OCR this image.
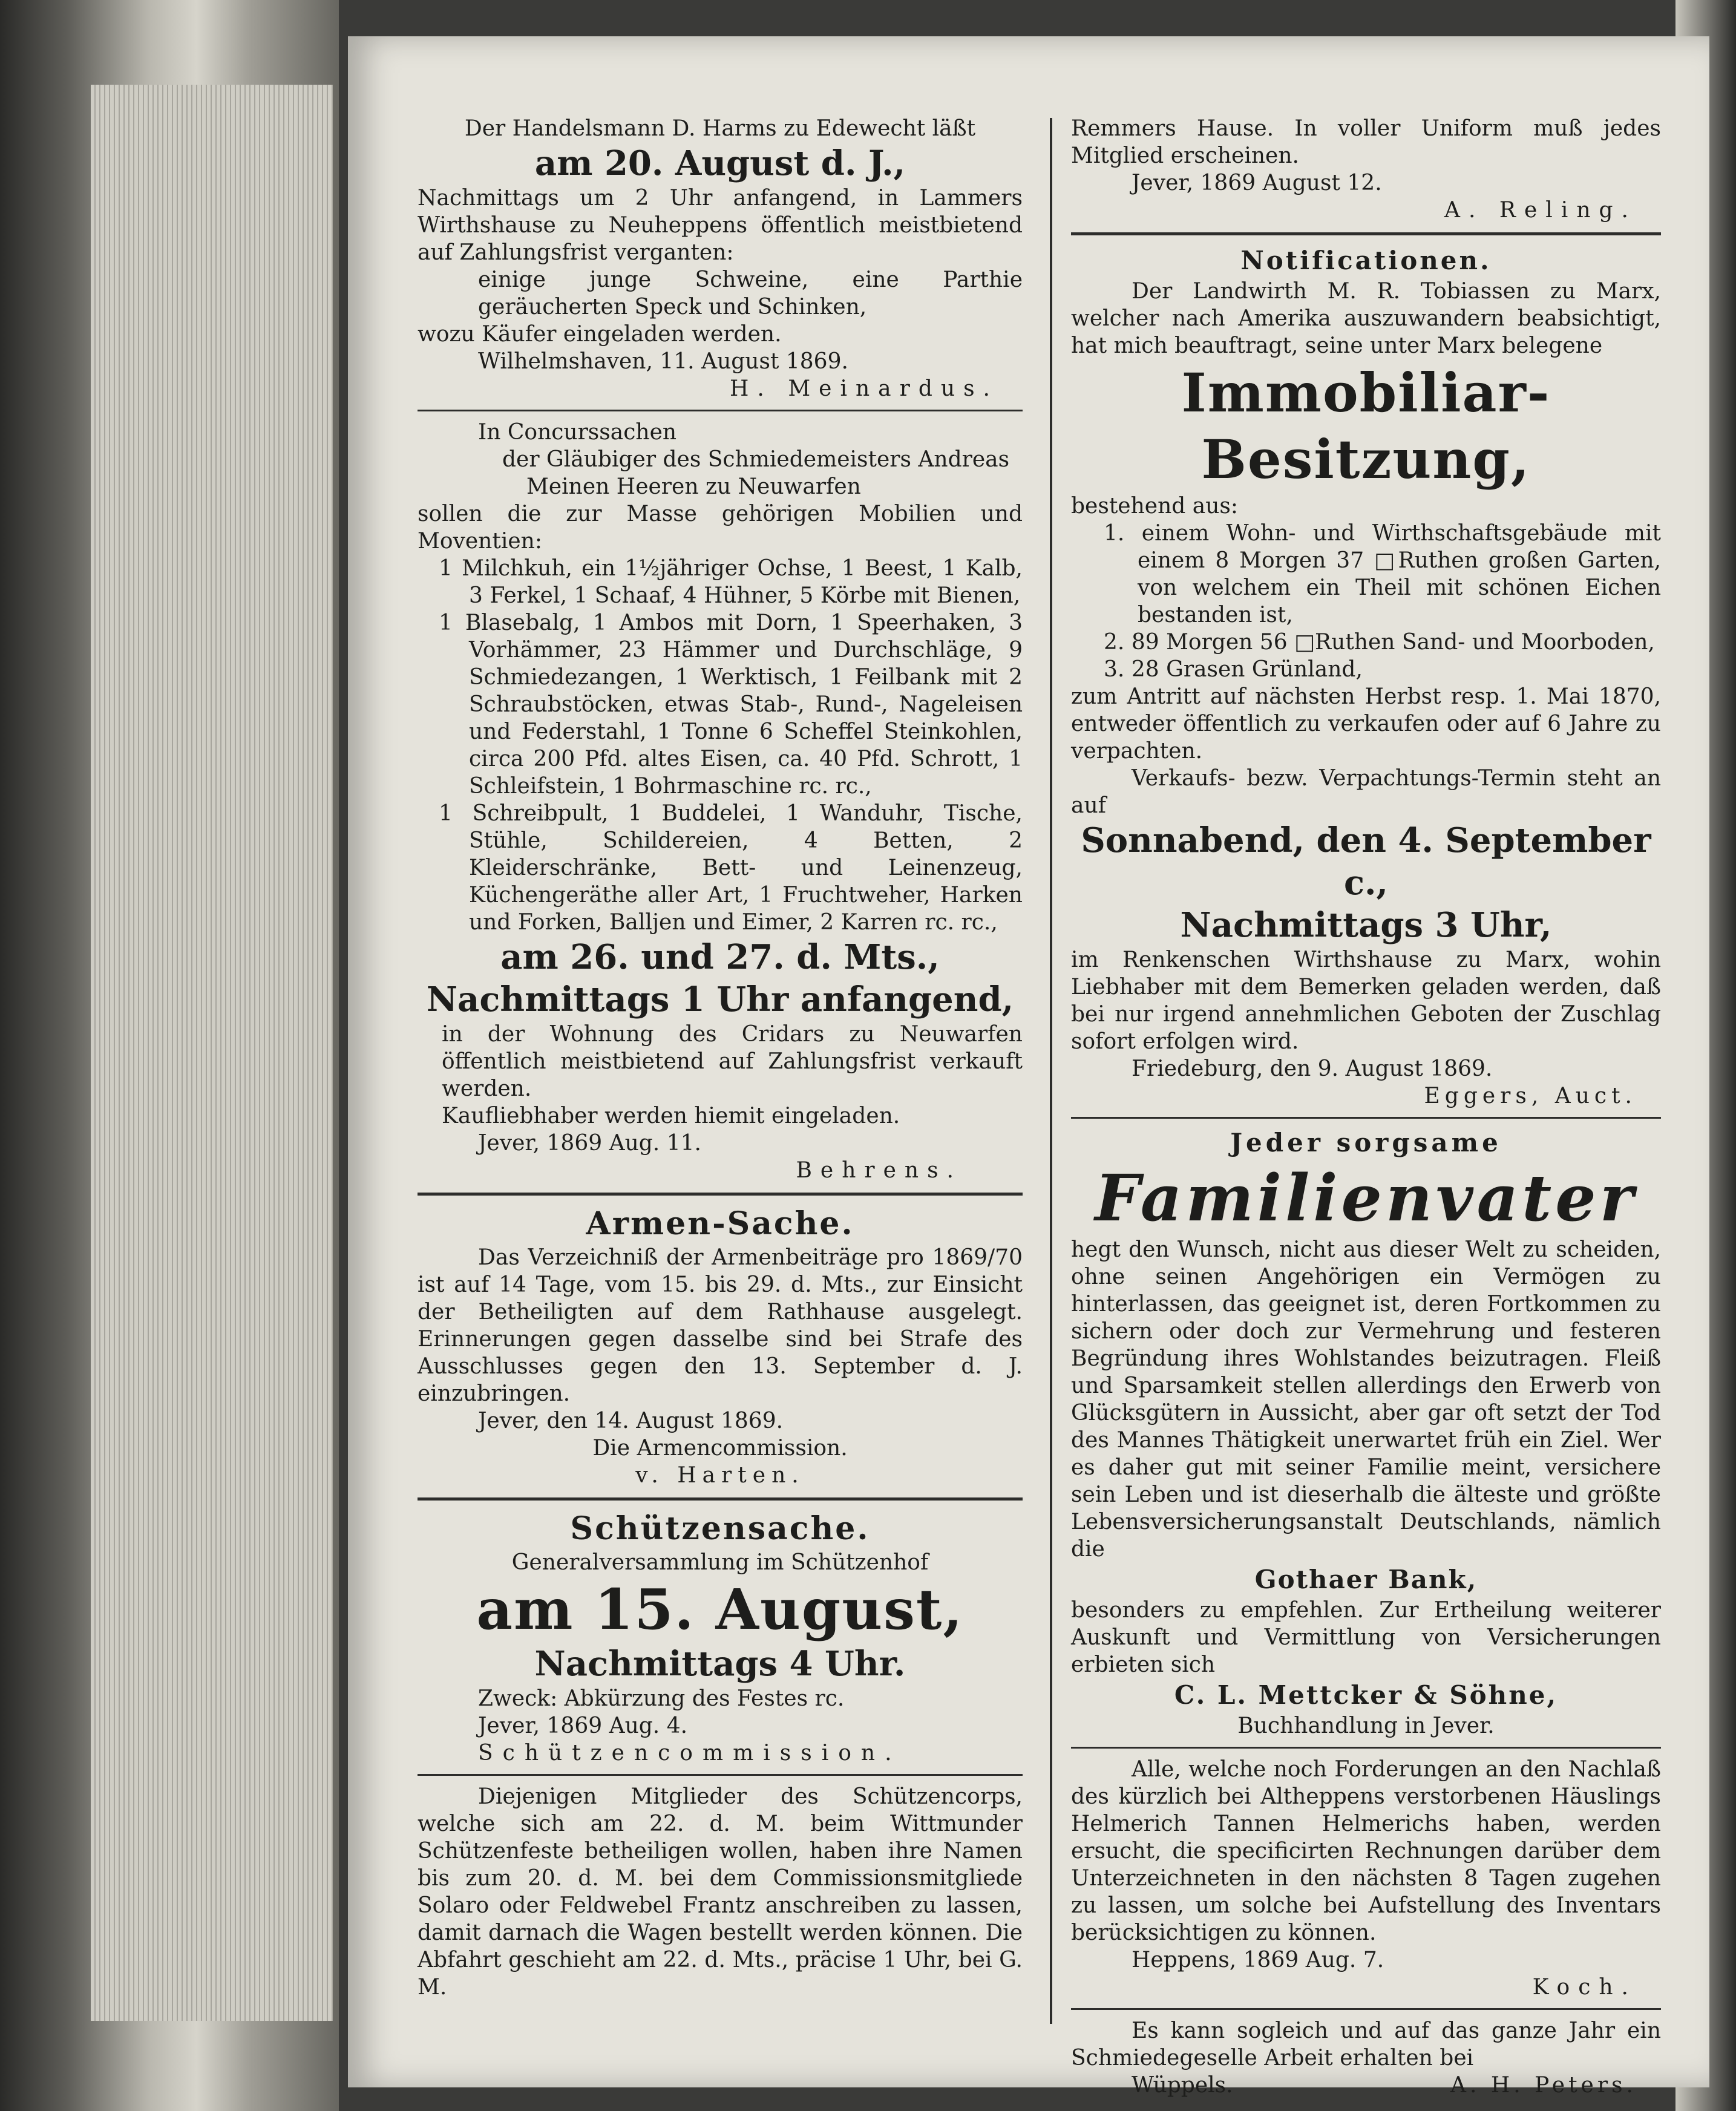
Der Handelsmann D. Harms zu Edewecht läßt

am 20. August d. J.,

Nachmittags um 2 Uhr anfangend, in Lammers Wirthshause zu Neuheppens öffentlich meistbietend auf Zahlungsfrist verganten:

einige junge Schweine, eine Parthie geräucherten Speck und Schinken,

wozu Käufer eingeladen werden.

Wilhelmshaven, 11. August 1869.

H. Meinardus.

In Concurssachen

der Gläubiger des Schmiedemeisters Andreas

Meinen Heeren zu Neuwarfen

sollen die zur Masse gehörigen Mobilien und Moventien:

1 Milchkuh, ein 1½jähriger Ochse, 1 Beest, 1 Kalb, 3 Ferkel, 1 Schaaf, 4 Hühner, 5 Körbe mit Bienen,

1 Blasebalg, 1 Ambos mit Dorn, 1 Speerhaken, 3 Vorhämmer, 23 Hämmer und Durchschläge, 9 Schmiedezangen, 1 Werktisch, 1 Feilbank mit 2 Schraubstöcken, etwas Stab-, Rund-, Nageleisen und Federstahl, 1 Tonne 6 Scheffel Steinkohlen, circa 200 Pfd. altes Eisen, ca. 40 Pfd. Schrott, 1 Schleifstein, 1 Bohrmaschine rc. rc.,

1 Schreibpult, 1 Buddelei, 1 Wanduhr, Tische, Stühle, Schildereien, 4 Betten, 2 Kleiderschränke, Bett- und Leinenzeug, Küchengeräthe aller Art, 1 Fruchtweher, Harken und Forken, Balljen und Eimer, 2 Karren rc. rc.,

am 26. und 27. d. Mts.,

Nachmittags 1 Uhr anfangend,

in der Wohnung des Cridars zu Neuwarfen öffentlich meistbietend auf Zahlungsfrist verkauft werden.

Kaufliebhaber werden hiemit eingeladen.

Jever, 1869 Aug. 11.

Behrens.

Armen-Sache.

Das Verzeichniß der Armenbeiträge pro 1869/70 ist auf 14 Tage, vom 15. bis 29. d. Mts., zur Einsicht der Betheiligten auf dem Rathhause ausgelegt. Erinnerungen gegen dasselbe sind bei Strafe des Ausschlusses gegen den 13. September d. J. einzubringen.

Jever, den 14. August 1869.

Die Armencommission.

v. Harten.

Schützensache.

Generalversammlung im Schützenhof

am 15. August,

Nachmittags 4 Uhr.

Zweck: Abkürzung des Festes rc.

Jever, 1869 Aug. 4.

Schützencommission.

Diejenigen Mitglieder des Schützencorps, welche sich am 22. d. M. beim Wittmunder Schützenfeste betheiligen wollen, haben ihre Namen bis zum 20. d. M. bei dem Commissionsmitgliede Solaro oder Feldwebel Frantz anschreiben zu lassen, damit darnach die Wagen bestellt werden können. Die Abfahrt geschieht am 22. d. Mts., präcise 1 Uhr, bei G. M.

Remmers Hause. In voller Uniform muß jedes Mitglied erscheinen.

Jever, 1869 August 12.

A. Reling.

Notificationen.

Der Landwirth M. R. Tobiassen zu Marx, welcher nach Amerika auszuwandern beabsichtigt, hat mich beauftragt, seine unter Marx belegene

Immobiliar-Besitzung,

bestehend aus:

1. einem Wohn- und Wirthschaftsgebäude mit einem 8 Morgen 37 □Ruthen großen Garten, von welchem ein Theil mit schönen Eichen bestanden ist,
2. 89 Morgen 56 □Ruthen Sand- und Moorboden,
3. 28 Grasen Grünland,

zum Antritt auf nächsten Herbst resp. 1. Mai 1870, entweder öffentlich zu verkaufen oder auf 6 Jahre zu verpachten.

Verkaufs- bezw. Verpachtungs-Termin steht an auf

Sonnabend, den 4. September c.,

Nachmittags 3 Uhr,

im Renkenschen Wirthshause zu Marx, wohin Liebhaber mit dem Bemerken geladen werden, daß bei nur irgend annehmlichen Geboten der Zuschlag sofort erfolgen wird.

Friedeburg, den 9. August 1869.

Eggers, Auct.

Jeder sorgsame

Familienvater

hegt den Wunsch, nicht aus dieser Welt zu scheiden, ohne seinen Angehörigen ein Vermögen zu hinterlassen, das geeignet ist, deren Fortkommen zu sichern oder doch zur Vermehrung und festeren Begründung ihres Wohlstandes beizutragen. Fleiß und Sparsamkeit stellen allerdings den Erwerb von Glücksgütern in Aussicht, aber gar oft setzt der Tod des Mannes Thätigkeit unerwartet früh ein Ziel. Wer es daher gut mit seiner Familie meint, versichere sein Leben und ist dieserhalb die älteste und größte Lebensversicherungsanstalt Deutschlands, nämlich die

Gothaer Bank,

besonders zu empfehlen. Zur Ertheilung weiterer Auskunft und Vermittlung von Versicherungen erbieten sich

C. L. Mettcker & Söhne,

Buchhandlung in Jever.

Alle, welche noch Forderungen an den Nachlaß des kürzlich bei Altheppens verstorbenen Häuslings Helmerich Tannen Helmerichs haben, werden ersucht, die specificirten Rechnungen darüber dem Unterzeichneten in den nächsten 8 Tagen zugehen zu lassen, um solche bei Aufstellung des Inventars berücksichtigen zu können.

Heppens, 1869 Aug. 7.

Koch.

Es kann sogleich und auf das ganze Jahr ein Schmiedegeselle Arbeit erhalten bei

Wüppels.	A. H. Peters.
